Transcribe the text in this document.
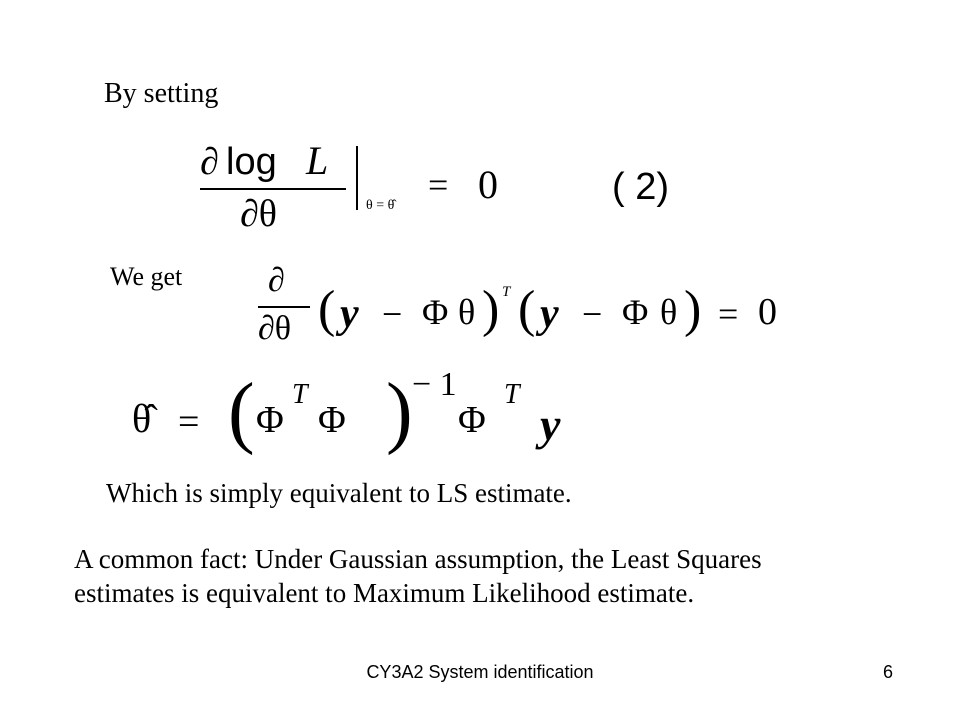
By setting
∂ log L
∂θ	θ = θ̂
= 0	( 2)
We get	∂
∂θ ( y − Φ θ ) T ( y − Φ θ ) = 0
θ̂ = ( Φ
T
Φ ) − 1
Φ
T
y
Which is simply equivalent to LS estimate.
A common fact: Under Gaussian assumption, the Least Squares
estimates is equivalent to Maximum Likelihood estimate.
CY3A2 System identification	6
